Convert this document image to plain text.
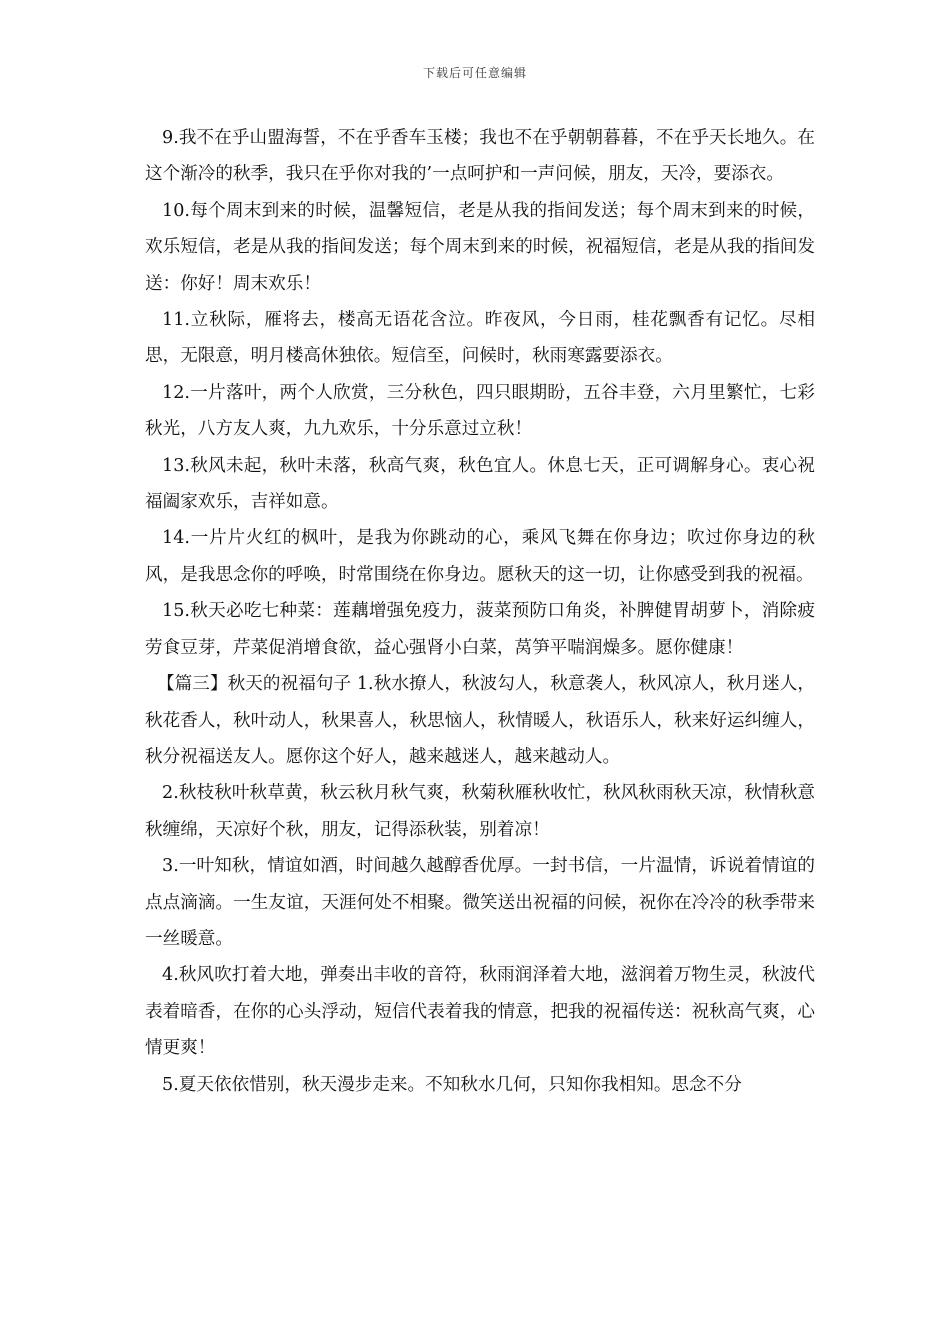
下载后可任意编辑

9.我不在乎山盟海誓，不在乎香车玉楼；我也不在乎朝朝暮暮，不在乎天长地久。在这个渐冷的秋季，我只在乎你对我的’一点呵护和一声问候，朋友，天冷，要添衣。

10.每个周末到来的时候，温馨短信，老是从我的指间发送；每个周末到来的时候，欢乐短信，老是从我的指间发送；每个周末到来的时候，祝福短信，老是从我的指间发送：你好！周末欢乐！

11.立秋际，雁将去，楼高无语花含泣。昨夜风，今日雨，桂花飘香有记忆。尽相思，无限意，明月楼高休独依。短信至，问候时，秋雨寒露要添衣。

12.一片落叶，两个人欣赏，三分秋色，四只眼期盼，五谷丰登，六月里繁忙，七彩秋光，八方友人爽，九九欢乐，十分乐意过立秋！

13.秋风未起，秋叶未落，秋高气爽，秋色宜人。休息七天，正可调解身心。衷心祝福阖家欢乐，吉祥如意。

14.一片片火红的枫叶，是我为你跳动的心，乘风飞舞在你身边；吹过你身边的秋风，是我思念你的呼唤，时常围绕在你身边。愿秋天的这一切，让你感受到我的祝福。

15.秋天必吃七种菜：莲藕增强免疫力，菠菜预防口角炎，补脾健胃胡萝卜，消除疲劳食豆芽，芹菜促消增食欲，益心强肾小白菜，莴笋平喘润燥多。愿你健康！

【篇三】秋天的祝福句子 1.秋水撩人，秋波勾人，秋意袭人，秋风凉人，秋月迷人，秋花香人，秋叶动人，秋果喜人，秋思恼人，秋情暖人，秋语乐人，秋来好运纠缠人，秋分祝福送友人。愿你这个好人，越来越迷人，越来越动人。

2.秋枝秋叶秋草黄，秋云秋月秋气爽，秋菊秋雁秋收忙，秋风秋雨秋天凉，秋情秋意秋缠绵，天凉好个秋，朋友，记得添秋装，别着凉！

3.一叶知秋，情谊如酒，时间越久越醇香优厚。一封书信，一片温情，诉说着情谊的点点滴滴。一生友谊，天涯何处不相聚。微笑送出祝福的问候，祝你在冷冷的秋季带来一丝暖意。

4.秋风吹打着大地，弹奏出丰收的音符，秋雨润泽着大地，滋润着万物生灵，秋波代表着暗香，在你的心头浮动，短信代表着我的情意，把我的祝福传送：祝秋高气爽，心情更爽！

5.夏天依依惜别，秋天漫步走来。不知秋水几何，只知你我相知。思念不分
